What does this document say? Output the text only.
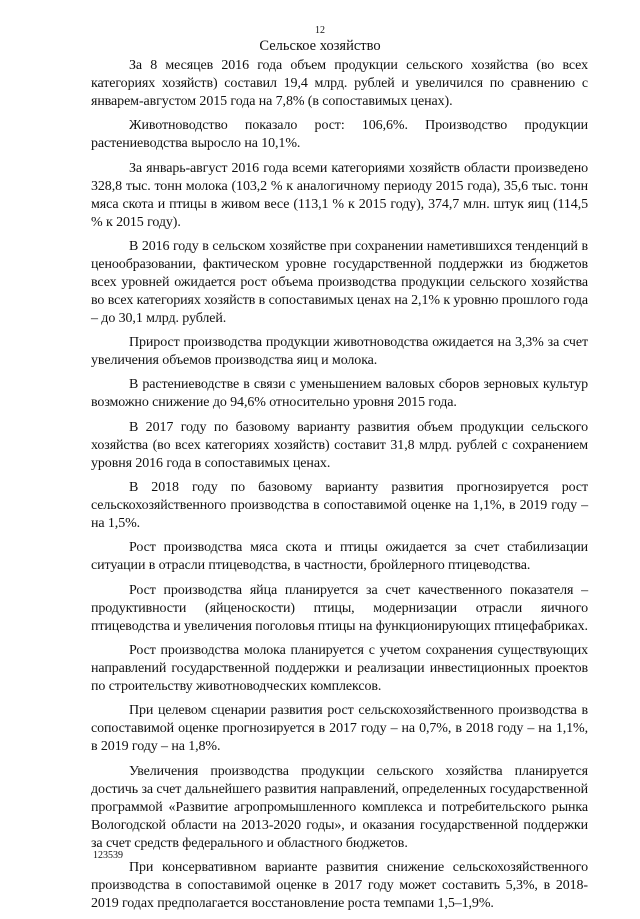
12
Сельское хозяйство

За 8 месяцев 2016 года объем продукции сельского хозяйства (во всех категориях хозяйств) составил 19,4 млрд. рублей и увеличился по сравнению с январем-августом 2015 года на 7,8% (в сопоставимых ценах).

Животноводство показало рост: 106,6%. Производство продукции растениеводства выросло на 10,1%.

За январь-август 2016 года всеми категориями хозяйств области произведено 328,8 тыс. тонн молока (103,2 % к аналогичному периоду 2015 года), 35,6 тыс. тонн мяса скота и птицы в живом весе (113,1 % к 2015 году), 374,7 млн. штук яиц (114,5 % к 2015 году).

В 2016 году в сельском хозяйстве при сохранении наметившихся тенденций в ценообразовании, фактическом уровне государственной поддержки из бюджетов всех уровней ожидается рост объема производства продукции сельского хозяйства во всех категориях хозяйств в сопоставимых ценах на 2,1% к уровню прошлого года – до 30,1 млрд. рублей.

Прирост производства продукции животноводства ожидается на 3,3% за счет увеличения объемов производства яиц и молока.

В растениеводстве в связи с уменьшением валовых сборов зерновых культур возможно снижение до 94,6% относительно уровня 2015 года.

В 2017 году по базовому варианту развития объем продукции сельского хозяйства (во всех категориях хозяйств) составит 31,8 млрд. рублей с сохранением уровня 2016 года в сопоставимых ценах.

В 2018 году по базовому варианту развития прогнозируется рост сельскохозяйственного производства в сопоставимой оценке на 1,1%, в 2019 году – на 1,5%.

Рост производства мяса скота и птицы ожидается за счет стабилизации ситуации в отрасли птицеводства, в частности, бройлерного птицеводства.

Рост производства яйца планируется за счет качественного показателя – продуктивности (яйценоскости) птицы, модернизации отрасли яичного птицеводства и увеличения поголовья птицы на функционирующих птицефабриках.

Рост производства молока планируется с учетом сохранения существующих направлений государственной поддержки и реализации инвестиционных проектов по строительству животноводческих комплексов.

При целевом сценарии развития рост сельскохозяйственного производства в сопоставимой оценке прогнозируется в 2017 году – на 0,7%, в 2018 году – на 1,1%, в 2019 году – на 1,8%.

Увеличения производства продукции сельского хозяйства планируется достичь за счет дальнейшего развития направлений, определенных государственной программой «Развитие агропромышленного комплекса и потребительского рынка Вологодской области на 2013-2020 годы», и оказания государственной поддержки за счет средств федерального и областного бюджетов.

При консервативном варианте развития снижение сельскохозяйственного производства в сопоставимой оценке в 2017 году может составить 5,3%, в 2018-2019 годах предполагается восстановление роста темпами 1,5–1,9%.

123539
